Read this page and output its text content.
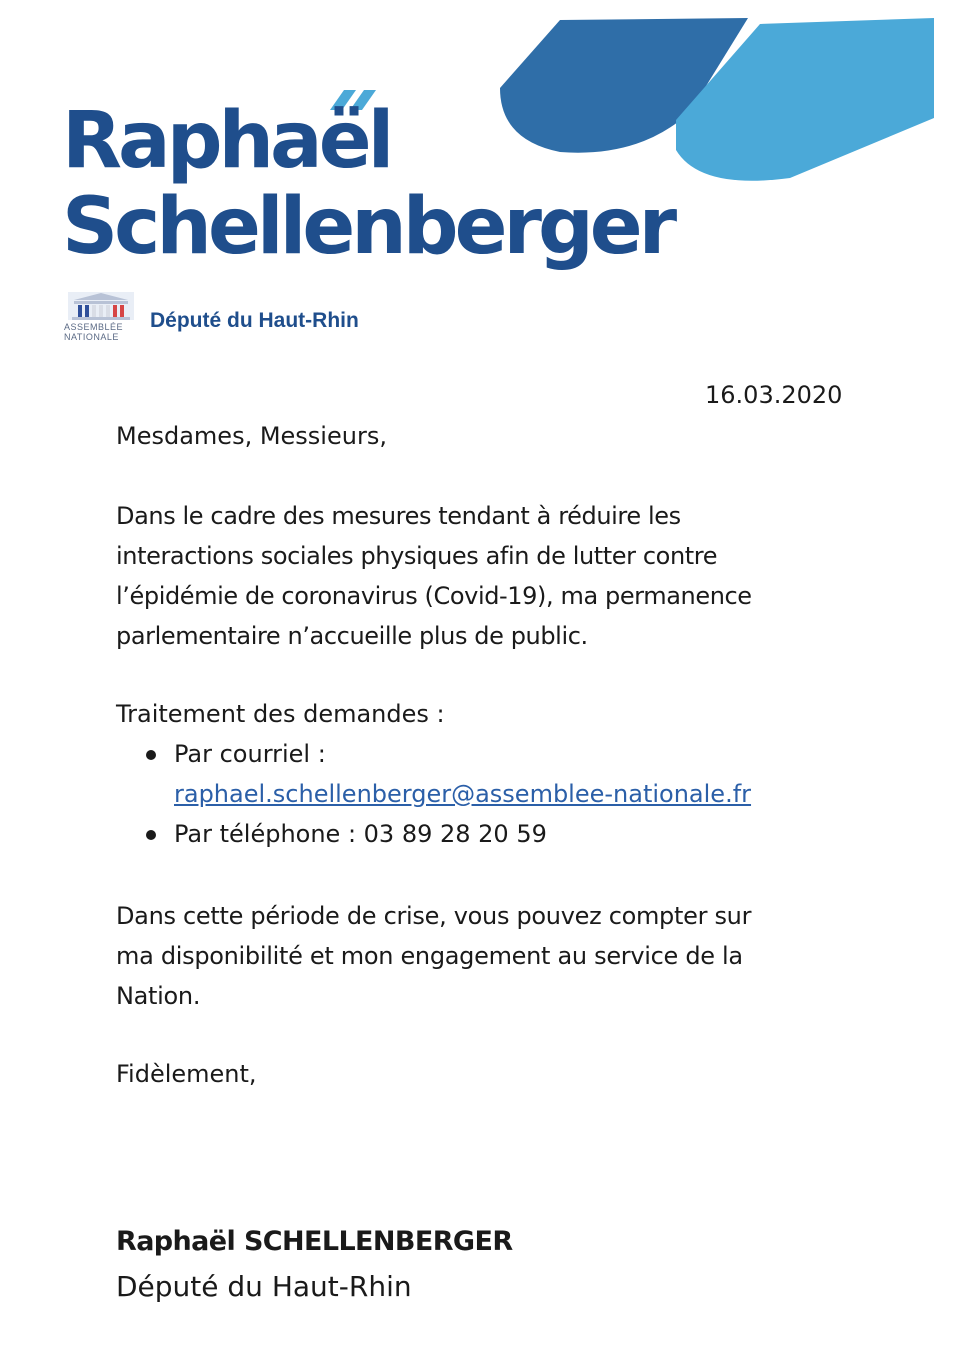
Raphaël
Schellenberger
ASSEMBLÉE
NATIONALE
Député du Haut-Rhin
16.03.2020
Mesdames, Messieurs,
Dans le cadre des mesures tendant à réduire les
interactions sociales physiques afin de lutter contre
l’épidémie de coronavirus (Covid-19), ma permanence
parlementaire n’accueille plus de public.
Traitement des demandes :
Par courriel :
raphael.schellenberger@assemblee-nationale.fr
Par téléphone : 03 89 28 20 59
Dans cette période de crise, vous pouvez compter sur
ma disponibilité et mon engagement au service de la
Nation.
Fidèlement,
Raphaël SCHELLENBERGER
Député du Haut-Rhin
